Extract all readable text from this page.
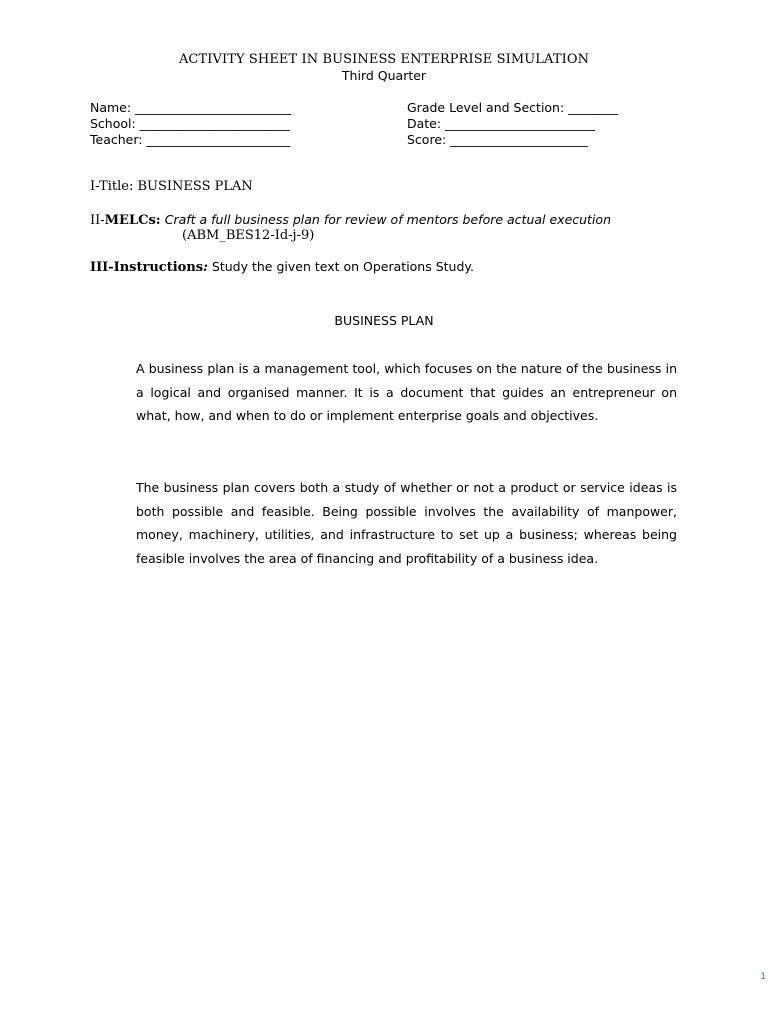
ACTIVITY SHEET IN BUSINESS ENTERPRISE SIMULATION
Third Quarter
Name: _________________________
School: ________________________
Teacher: _______________________
Grade Level and Section: ________
Date: ________________________
Score: ______________________
I-Title: BUSINESS PLAN
II-MELCs: Craft a full business plan for review of mentors before actual execution
(ABM_BES12-Id-j-9)
III-Instructions: Study the given text on Operations Study.
BUSINESS PLAN

A business plan is a management tool, which focuses on the nature of the business in a logical and organised manner. It is a document that guides an entrepreneur on what, how, and when to do or implement enterprise goals and objectives.

The business plan covers both a study of whether or not a product or service ideas is both possible and feasible. Being possible involves the availability of manpower, money, machinery, utilities, and infrastructure to set up a business; whereas being feasible involves the area of financing and profitability of a business idea.

1
